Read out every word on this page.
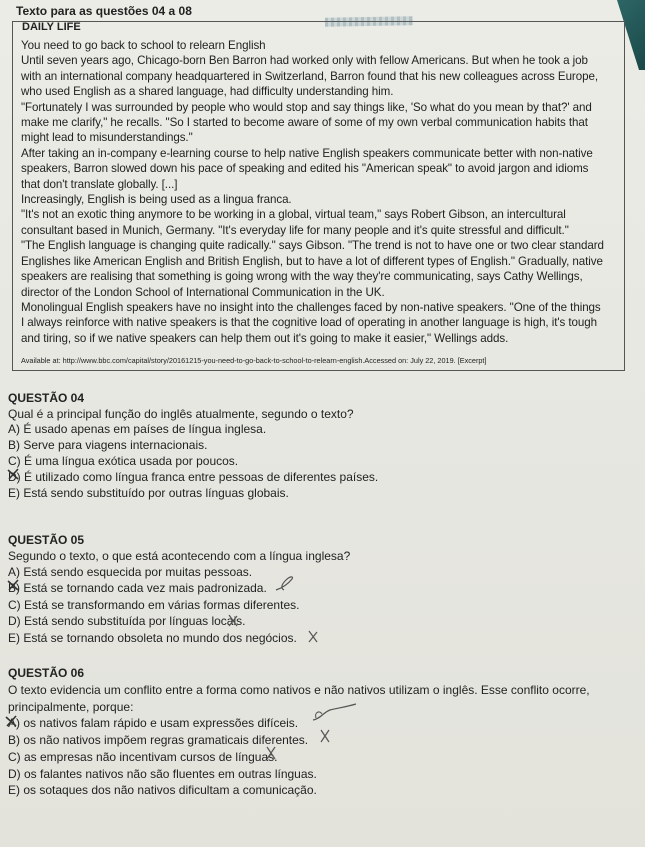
Texto para as questões 04 a 08
DAILY LIFE

You need to go back to school to relearn English

Until seven years ago, Chicago-born Ben Barron had worked only with fellow Americans. But when he took a job

with an international company headquartered in Switzerland, Barron found that his new colleagues across Europe,

who used English as a shared language, had difficulty understanding him.

"Fortunately I was surrounded by people who would stop and say things like, 'So what do you mean by that?' and

make me clarify," he recalls. "So I started to become aware of some of my own verbal communication habits that

might lead to misunderstandings."

After taking an in-company e-learning course to help native English speakers communicate better with non-native

speakers, Barron slowed down his pace of speaking and edited his "American speak" to avoid jargon and idioms

that don't translate globally. [...]

Increasingly, English is being used as a lingua franca.

"It's not an exotic thing anymore to be working in a global, virtual team," says Robert Gibson, an intercultural

consultant based in Munich, Germany. "It's everyday life for many people and it's quite stressful and difficult."

"The English language is changing quite radically." says Gibson. "The trend is not to have one or two clear standard

Englishes like American English and British English, but to have a lot of different types of English." Gradually, native

speakers are realising that something is going wrong with the way they're communicating, says Cathy Wellings,

director of the London School of International Communication in the UK.

Monolingual English speakers have no insight into the challenges faced by non-native speakers. "One of the things

I always reinforce with native speakers is that the cognitive load of operating in another language is high, it's tough

and tiring, so if we native speakers can help them out it's going to make it easier," Wellings adds.

Available at: http://www.bbc.com/capital/story/20161215-you-need-to-go-back-to-school-to-relearn-english.Accessed on: July 22, 2019. [Excerpt]
QUESTÃO 04
Qual é a principal função do inglês atualmente, segundo o texto?
A) É usado apenas em países de língua inglesa.
B) Serve para viagens internacionais.
C) É uma língua exótica usada por poucos.
D) É utilizado como língua franca entre pessoas de diferentes países.
E) Está sendo substituído por outras línguas globais.
QUESTÃO 05
Segundo o texto, o que está acontecendo com a língua inglesa?
A) Está sendo esquecida por muitas pessoas.
B) Está se tornando cada vez mais padronizada.
C) Está se transformando em várias formas diferentes.
D) Está sendo substituída por línguas locais.
E) Está se tornando obsoleta no mundo dos negócios.
QUESTÃO 06
O texto evidencia um conflito entre a forma como nativos e não nativos utilizam o inglês. Esse conflito ocorre,
principalmente, porque:
A) os nativos falam rápido e usam expressões difíceis.
B) os não nativos impõem regras gramaticais diferentes.
C) as empresas não incentivam cursos de línguas.
D) os falantes nativos não são fluentes em outras línguas.
E) os sotaques dos não nativos dificultam a comunicação.
